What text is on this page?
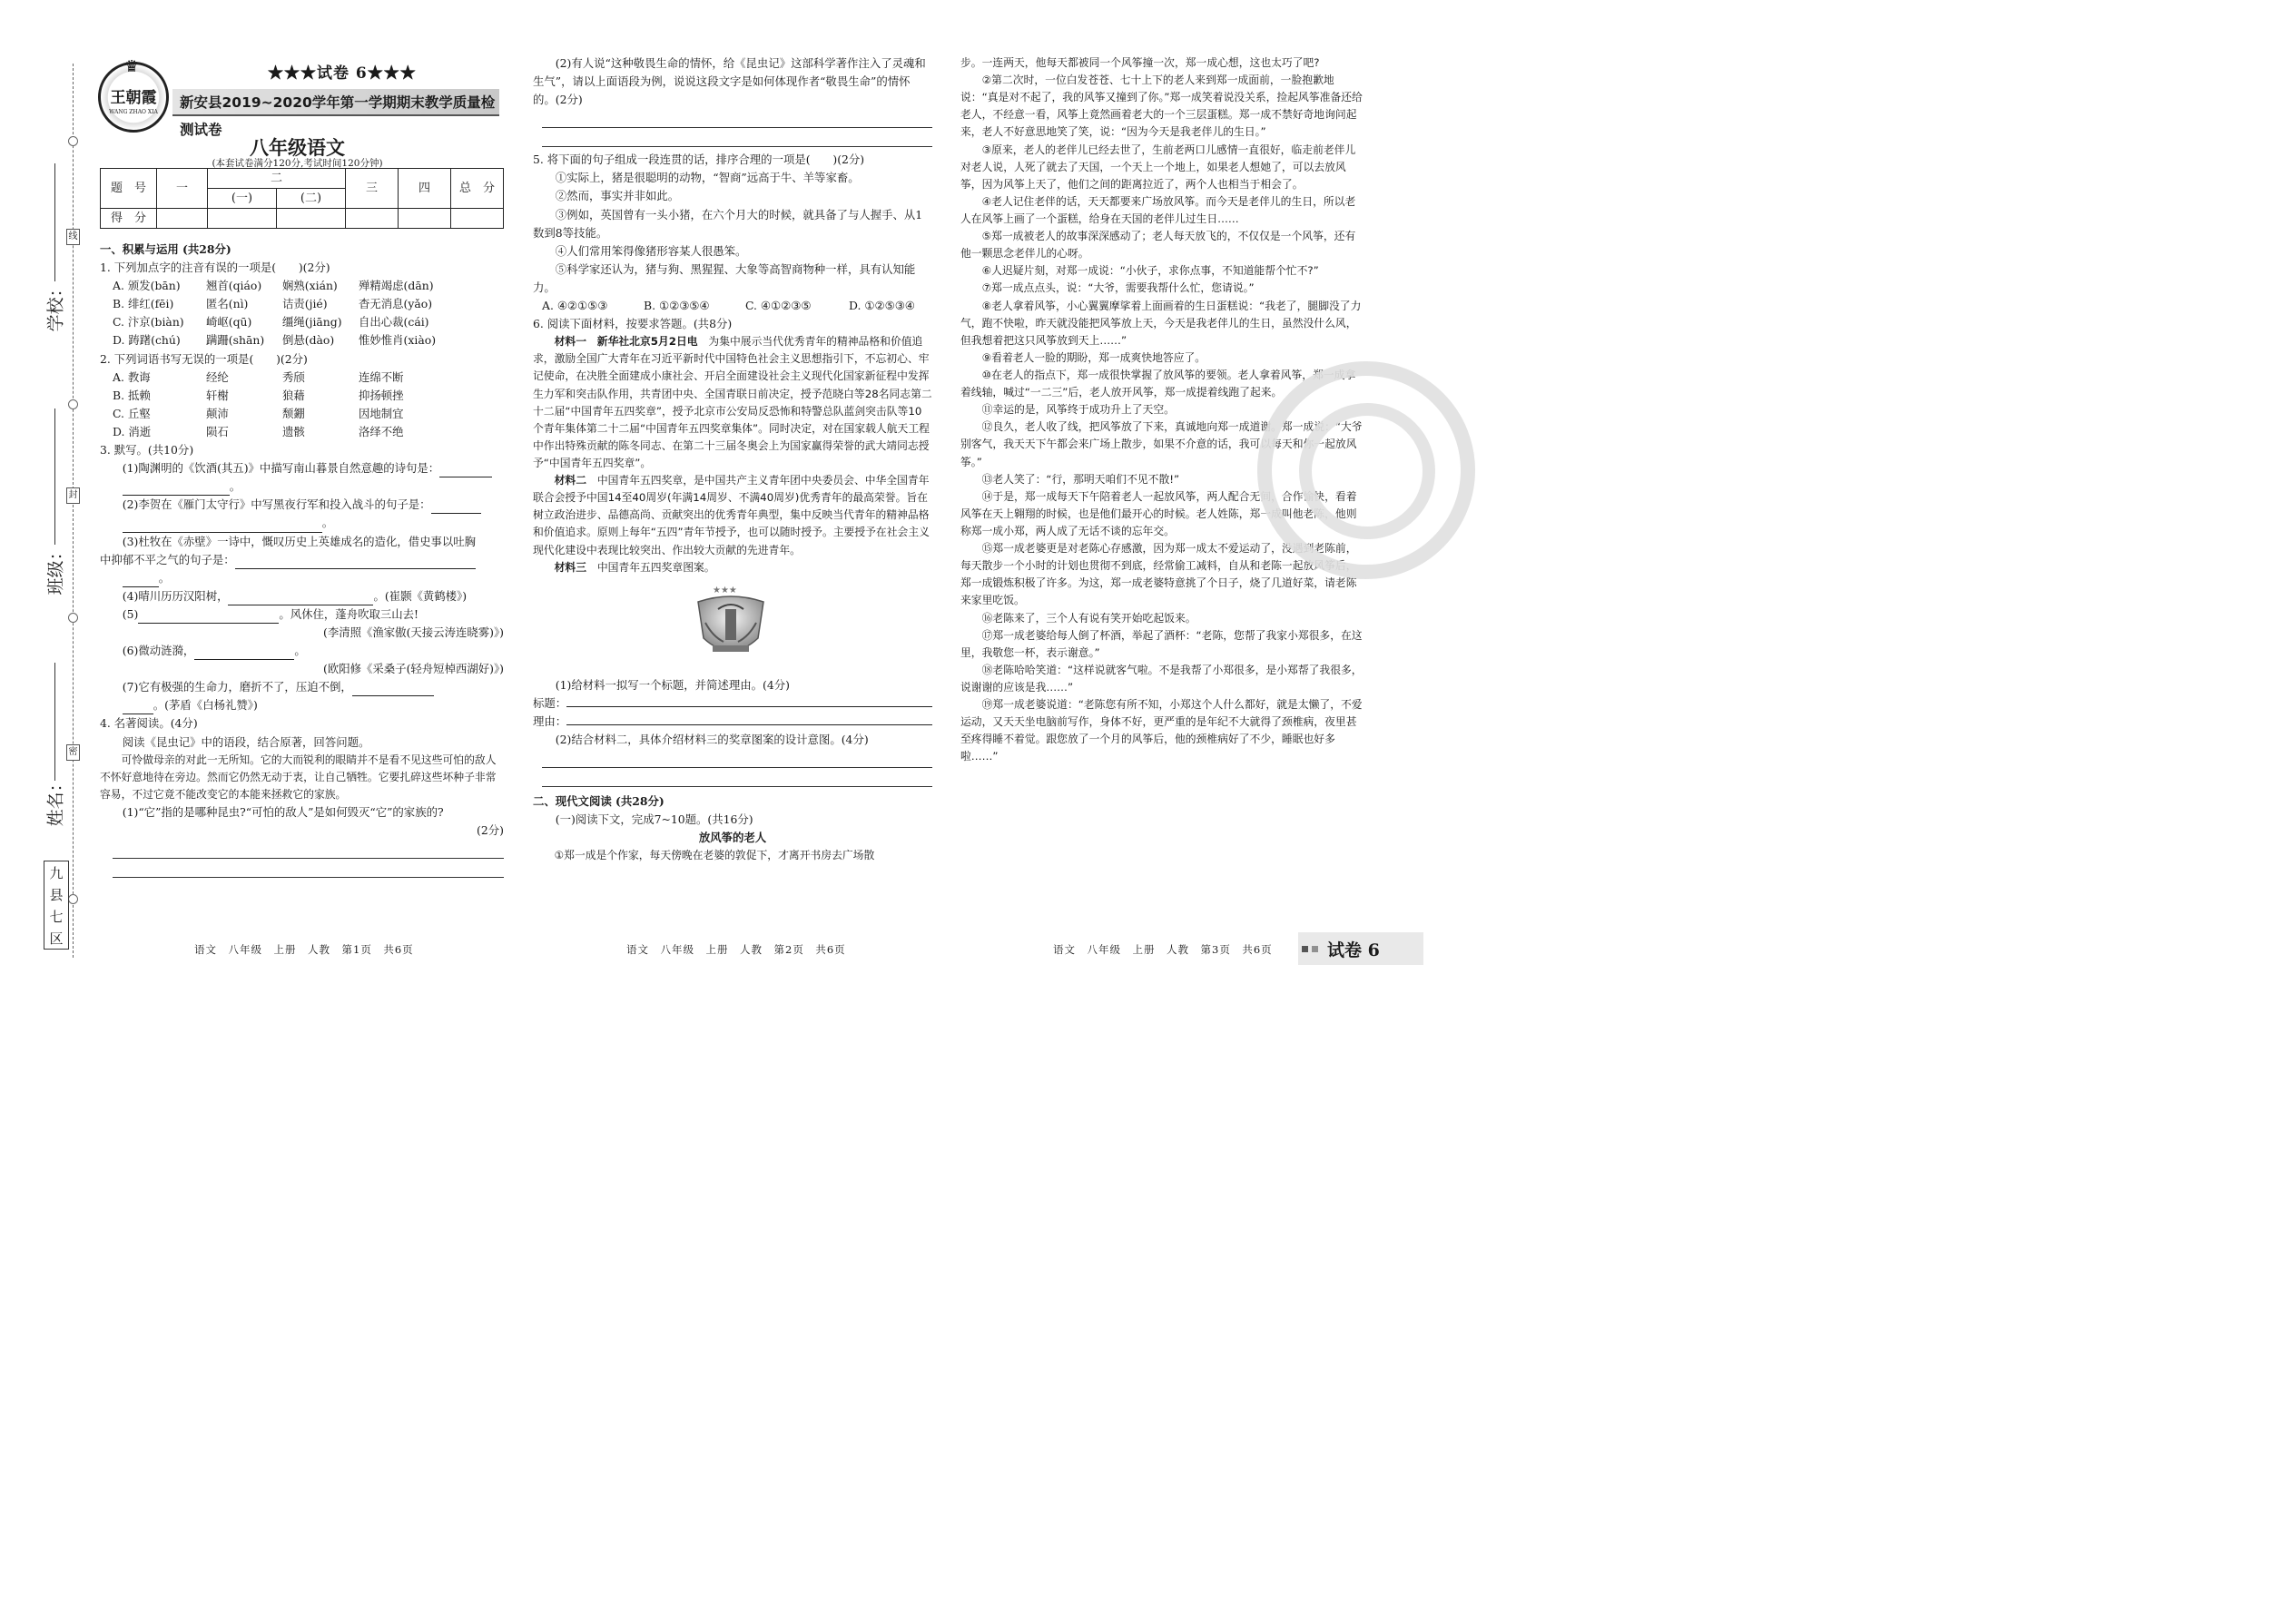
线
封
密
学校：
班级：
姓名：
九
县
七
区
♛
王朝霞
WANG ZHAO XIA
★★★试卷 6★★★
新安县2019~2020学年第一学期期末教学质量检测试卷
八年级语文
(本套试卷满分120分,考试时间120分钟)
题　号	一	二		三	四	总　分
		(一)	(二)			
得　分						

一、积累与运用 (共28分)

1. 下列加点字的注音有误的一项是(　　)(2分)

A. 颁发(bān)	翘首(qiáo)	娴熟(xián)	殚精竭虑(dān)
B. 绯红(fēi)	匿名(nì)	诘责(jié)	杳无消息(yǎo)
C. 汴京(biàn)	崎岖(qū)	缰绳(jiāng)	自出心裁(cái)
D. 踌躇(chú)	蹒跚(shān)	倒悬(dào)	惟妙惟肖(xiào)

2. 下列词语书写无误的一项是(　　)(2分)

A. 教诲	经纶	秀颀	连绵不断
B. 抵赖	轩榭	狼藉	抑扬顿挫
C. 丘壑	颠沛	颓錋	因地制宜
D. 消逝	陨石	遗骸	洛绎不绝

3. 默写。(共10分)

(1)陶渊明的《饮酒(其五)》中描写南山暮景自然意趣的诗句是：

。

(2)李贺在《雁门太守行》中写黑夜行军和投入战斗的句子是：

。

(3)杜牧在《赤壁》一诗中，慨叹历史上英雄成名的造化，借史事以吐胸

中抑郁不平之气的句子是：

。

(4)晴川历历汉阳树，	。(崔颢《黄鹤楼》)

(5)	。风休住，蓬舟吹取三山去!

(李清照《渔家傲(天接云涛连晓雾)》)

(6)微动涟漪，	。

(欧阳修《采桑子(轻舟短棹西湖好)》)

(7)它有极强的生命力，磨折不了，压迫不倒，

。(茅盾《白杨礼赞》)

4. 名著阅读。(4分)

阅读《昆虫记》中的语段，结合原著，回答问题。

可怜做母亲的对此一无所知。它的大而锐利的眼睛并不是看不见这些可怕的敌人不怀好意地待在旁边。然而它仍然无动于衷，让自己牺牲。它要扎碎这些坏种子非常容易，不过它竟不能改变它的本能来拯救它的家族。

(1)“它”指的是哪种昆虫?“可怕的敌人”是如何毁灭“它”的家族的?

(2分)

(2)有人说“这种敬畏生命的情怀，给《昆虫记》这部科学著作注入了灵魂和生气”，请以上面语段为例，说说这段文字是如何体现作者“敬畏生命”的情怀的。(2分)

5. 将下面的句子组成一段连贯的话，排序合理的一项是(　　)(2分)

①实际上，猪是很聪明的动物，“智商”远高于牛、羊等家畜。

②然而，事实并非如此。

③例如，英国曾有一头小猪，在六个月大的时候，就具备了与人握手、从1数到8等技能。

④人们常用笨得像猪形容某人很愚笨。

⑤科学家还认为，猪与狗、黑猩猩、大象等高智商物种一样，具有认知能力。

A. ④②①⑤③	B. ①②③⑤④	C. ④①②③⑤	D. ①②⑤③④

6. 阅读下面材料，按要求答题。(共8分)

材料一　新华社北京5月2日电　 为集中展示当代优秀青年的精神品格和价值追求，激励全国广大青年在习近平新时代中国特色社会主义思想指引下，不忘初心、牢记使命，在决胜全面建成小康社会、开启全面建设社会主义现代化国家新征程中发挥生力军和突击队作用，共青团中央、全国青联日前决定，授予范晓白等28名同志第二十二届“中国青年五四奖章”，授予北京市公安局反恐怖和特警总队蓝剑突击队等10个青年集体第二十二届“中国青年五四奖章集体”。同时决定，对在国家载人航天工程中作出特殊贡献的陈冬同志、在第二十三届冬奥会上为国家赢得荣誉的武大靖同志授予“中国青年五四奖章”。

材料二　 中国青年五四奖章，是中国共产主义青年团中央委员会、中华全国青年联合会授予中国14至40周岁(年满14周岁、不满40周岁)优秀青年的最高荣誉。旨在树立政治进步、品德高尚、贡献突出的优秀青年典型，集中反映当代青年的精神品格和价值追求。原则上每年“五四”青年节授予，也可以随时授予。主要授予在社会主义现代化建设中表现比较突出、作出较大贡献的先进青年。

材料三　 中国青年五四奖章图案。

★★★

(1)给材料一拟写一个标题，并简述理由。(4分)

标题：

理由：

(2)结合材料二，具体介绍材料三的奖章图案的设计意图。(4分)

二、现代文阅读 (共28分)

(一)阅读下文，完成7~10题。(共16分)

放风筝的老人

①郑一成是个作家，每天傍晚在老婆的敦促下，才离开书房去广场散

步。一连两天，他每天都被同一个风筝撞一次，郑一成心想，这也太巧了吧?

②第二次时，一位白发苍苍、七十上下的老人来到郑一成面前，一脸抱歉地说：“真是对不起了，我的风筝又撞到了你。”郑一成笑着说没关系，捡起风筝准备还给老人，不经意一看，风筝上竟然画着老大的一个三层蛋糕。郑一成不禁好奇地询问起来，老人不好意思地笑了笑，说：“因为今天是我老伴儿的生日。”

③原来，老人的老伴儿已经去世了，生前老两口儿感情一直很好，临走前老伴儿对老人说，人死了就去了天国，一个天上一个地上，如果老人想她了，可以去放风筝，因为风筝上天了，他们之间的距离拉近了，两个人也相当于相会了。

④老人记住老伴的话，天天都要来广场放风筝。而今天是老伴儿的生日，所以老人在风筝上画了一个蛋糕，给身在天国的老伴儿过生日……

⑤郑一成被老人的故事深深感动了；老人每天放飞的，不仅仅是一个风筝，还有他一颗思念老伴儿的心呀。

⑥人迟疑片刻，对郑一成说：“小伙子，求你点事，不知道能帮个忙不?”

⑦郑一成点点头，说：“大爷，需要我帮什么忙，您请说。”

⑧老人拿着风筝，小心翼翼摩挲着上面画着的生日蛋糕说：“我老了，腿脚没了力气，跑不快啦，昨天就没能把风筝放上天，今天是我老伴儿的生日，虽然没什么风，但我想着把这只风筝放到天上……”

⑨看着老人一脸的期盼，郑一成爽快地答应了。

⑩在老人的指点下，郑一成很快掌握了放风筝的要领。老人拿着风筝，郑一成拿着线轴，喊过“一二三”后，老人放开风筝，郑一成提着线跑了起来。

⑪幸运的是，风筝终于成功升上了天空。

⑫良久，老人收了线，把风筝放了下来，真诚地向郑一成道谢。郑一成说：“大爷别客气，我天天下午都会来广场上散步，如果不介意的话，我可以每天和你一起放风筝。”

⑬老人笑了：“行，那明天咱们不见不散!”

⑭于是，郑一成每天下午陪着老人一起放风筝，两人配合无间，合作愉快，看着风筝在天上翱翔的时候，也是他们最开心的时候。老人姓陈，郑一成叫他老陈，他则称郑一成小郑，两人成了无话不谈的忘年交。

⑮郑一成老婆更是对老陈心存感激，因为郑一成太不爱运动了，没遇到老陈前，每天散步一个小时的计划也贯彻不到底，经常偷工减料，自从和老陈一起放风筝后，郑一成锻炼积极了许多。为这，郑一成老婆特意挑了个日子，烧了几道好菜，请老陈来家里吃饭。

⑯老陈来了，三个人有说有笑开始吃起饭来。

⑰郑一成老婆给每人倒了杯酒，举起了酒杯：“老陈，您帮了我家小郑很多，在这里，我敬您一杯，表示谢意。”

⑱老陈哈哈笑道：“这样说就客气啦。不是我帮了小郑很多，是小郑帮了我很多，说谢谢的应该是我……”

⑲郑一成老婆说道：“老陈您有所不知，小郑这个人什么都好，就是太懒了，不爱运动，又天天坐电脑前写作，身体不好，更严重的是年纪不大就得了颈椎病，夜里甚至疼得睡不着觉。跟您放了一个月的风筝后，他的颈椎病好了不少，睡眠也好多啦……”

语文　八年级　上册　人教　第1页　共6页	语文　八年级　上册　人教　第2页　共6页	语文　八年级　上册　人教　第3页　共6页	试卷 6
